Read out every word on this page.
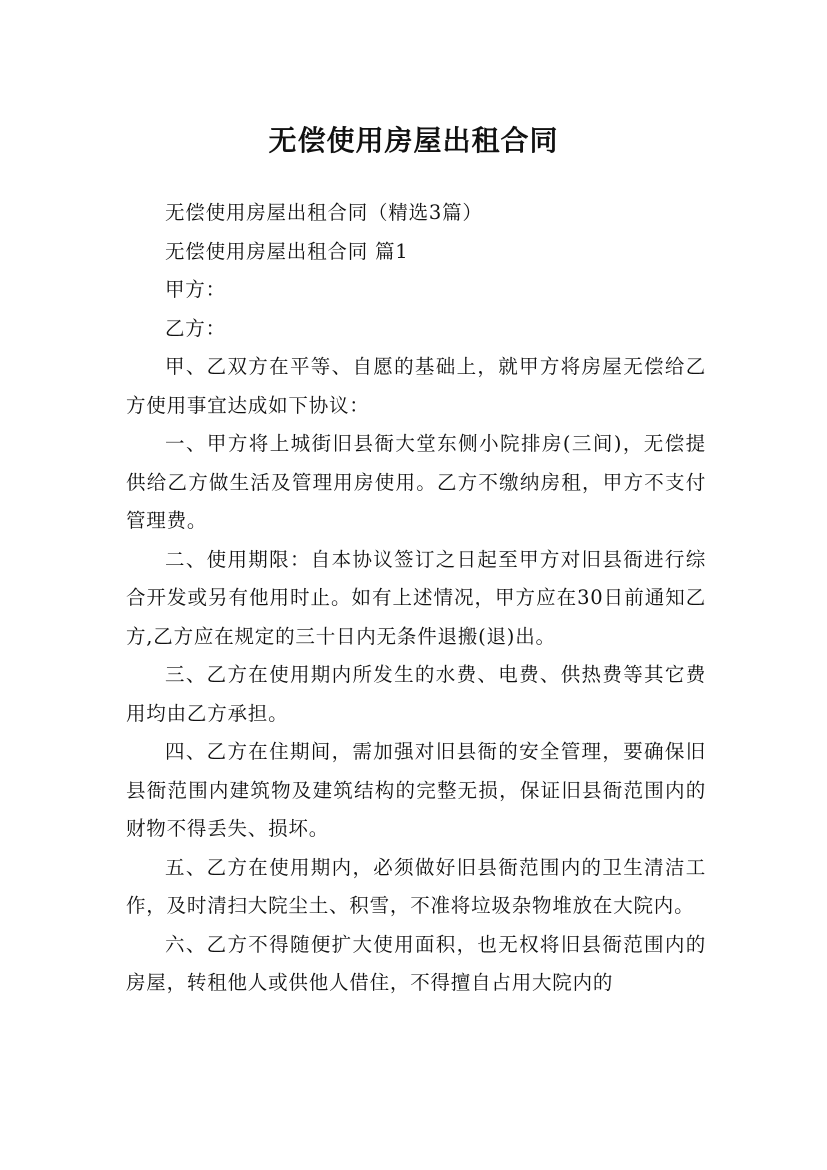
无偿使用房屋出租合同

无偿使用房屋出租合同（精选3篇）

无偿使用房屋出租合同 篇1

甲方：

乙方：

甲、乙双方在平等、自愿的基础上，就甲方将房屋无偿给乙方使用事宜达成如下协议：

一、甲方将上城街旧县衙大堂东侧小院排房(三间)，无偿提供给乙方做生活及管理用房使用。乙方不缴纳房租，甲方不支付管理费。

二、使用期限：自本协议签订之日起至甲方对旧县衙进行综合开发或另有他用时止。如有上述情况，甲方应在30日前通知乙方,乙方应在规定的三十日内无条件退搬(退)出。

三、乙方在使用期内所发生的水费、电费、供热费等其它费用均由乙方承担。

四、乙方在住期间，需加强对旧县衙的安全管理，要确保旧县衙范围内建筑物及建筑结构的完整无损，保证旧县衙范围内的财物不得丢失、损坏。

五、乙方在使用期内，必须做好旧县衙范围内的卫生清洁工作，及时清扫大院尘土、积雪，不准将垃圾杂物堆放在大院内。

六、乙方不得随便扩大使用面积，也无权将旧县衙范围内的房屋，转租他人或供他人借住，不得擅自占用大院内的
